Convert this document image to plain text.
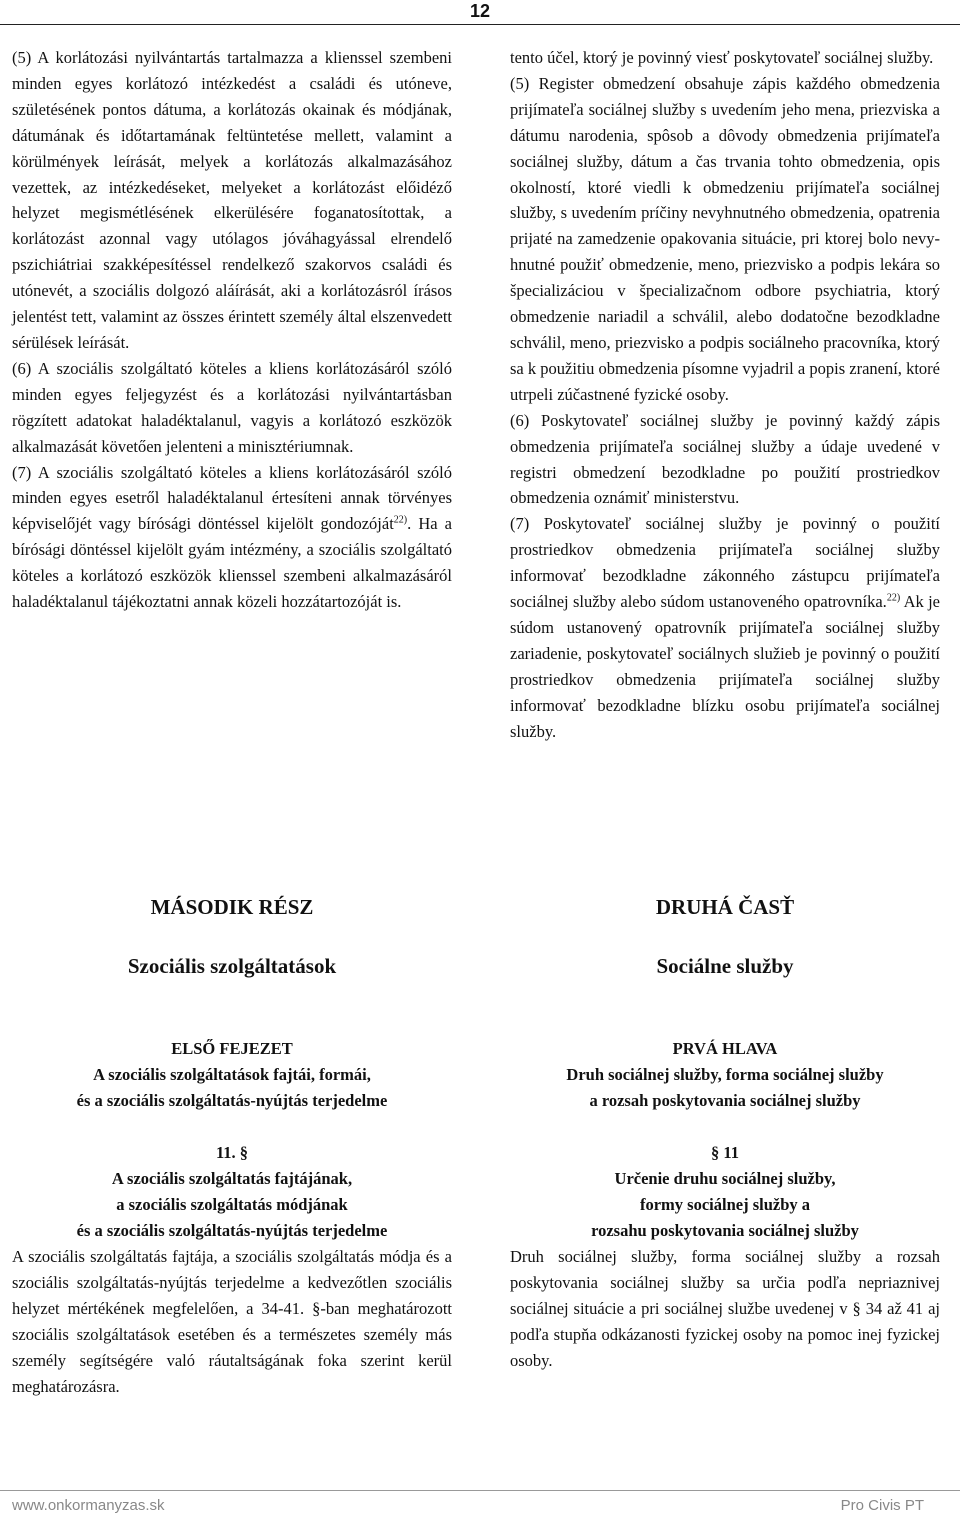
12

(5) A korlátozási nyilvántartás tartalmazza a klienssel szembeni minden egyes korlátozó intézkedést a családi és utóneve, születésének pontos dátuma, a korlátozás okainak és módjának, dátumának és időtartamának feltüntetése mellett, valamint a körülmények leírását, melyek a korlátozás alkalmazásához vezettek, az intézkedéseket, melyeket a korlátozást előidéző helyzet megismétlésének elkerülésére foganatosítottak, a korlátozást azonnal vagy utólagos jóváhagyással elrendelő pszichiátriai szakképesítéssel rendelkező szakorvos családi és utónevét, a szociális dolgozó aláírását, aki a korlátozásról írásos jelentést tett, valamint az összes érintett személy által elszenvedett sérülések leírását.

(6) A szociális szolgáltató köteles a kliens korlátozásáról szóló minden egyes feljegyzést és a korlátozási nyilvántartásban rögzített adatokat haladéktalanul, vagyis a korlátozó eszközök alkalmazását követően jelenteni a minisztériumnak.

(7) A szociális szolgáltató köteles a kliens korlátozásáról szóló minden egyes esetről haladéktalanul értesíteni annak törvényes képviselőjét vagy bírósági döntéssel kijelölt gondozóját$^{22)}$. Ha a bírósági döntéssel kijelölt gyám intézmény, a szociális szolgáltató köteles a korlátozó eszközök klienssel szembeni alkalmazásáról haladéktalanul tájékoztatni annak közeli hozzátartozóját is.

tento účel, ktorý je povinný viesť poskytovateľ sociálnej služby.

(5) Register obmedzení obsahuje zápis každého obmedzenia prijímateľa sociálnej služby s uvedením jeho mena, priezviska a dátumu narodenia, spôsob a dôvody obmedzenia prijímateľa sociálnej služby, dátum a čas trvania tohto obmedzenia, opis okolností, ktoré viedli k obmedzeniu prijímateľa sociálnej služby, s uvedením príčiny nevyhnutného obmedzenia, opatrenia prijaté na zamedzenie opakovania situácie, pri ktorej bolo nevyhnutné použiť obmedzenie, meno, priezvisko a podpis lekára so špecializáciou v špecializačnom odbore psychiatria, ktorý obmedzenie nariadil a schválil, alebo dodatočne bezodkladne schválil, meno, priezvisko a podpis sociálneho pracovníka, ktorý sa k použitiu obmedzenia písomne vyjadril a popis zranení, ktoré utrpeli zúčastnené fyzické osoby.

(6) Poskytovateľ sociálnej služby je povinný každý zápis obmedzenia prijímateľa sociálnej služby a údaje uvedené v registri obmedzení bezodkladne po použití prostriedkov obmedzenia oznámiť ministerstvu.

(7) Poskytovateľ sociálnej služby je povinný o použití prostriedkov obmedzenia prijímateľa sociálnej služby informovať bezodkladne zákonného zástupcu prijímateľa sociálnej služby alebo súdom ustanoveného opatrovníka.$^{22)}$ Ak je súdom ustanovený opatrovník prijímateľa sociálnej služby zariadenie, poskytovateľ sociálnych služieb je povinný o použití prostriedkov obmedzenia prijímateľa sociálnej služby informovať bezodkladne blízku osobu prijímateľa sociálnej služby.

MÁSODIK RÉSZ	DRUHÁ ČASŤ
Szociális szolgáltatások	Sociálne služby
ELSŐ FEJEZET
A szociális szolgáltatások fajtái, formái,
és a szociális szolgáltatás-nyújtás terjedelme
PRVÁ HLAVA
Druh sociálnej služby, forma sociálnej služby
a rozsah poskytovania sociálnej služby
11. §
A szociális szolgáltatás fajtájának,
a szociális szolgáltatás módjának
és a szociális szolgáltatás-nyújtás terjedelme
§ 11
Určenie druhu sociálnej služby,
formy sociálnej služby a
rozsahu poskytovania sociálnej služby
A szociális szolgáltatás fajtája, a szociális szolgáltatás módja és a szociális szolgáltatás-nyújtás terjedelme a kedvezőtlen szociális helyzet mértékének megfelelően, a 34-41. §-ban meghatározott szociális szolgáltatások esetében és a természetes személy más személy segítségére való ráutaltságának foka szerint kerül meghatározásra.
Druh sociálnej služby, forma sociálnej služby a rozsah poskytovania sociálnej služby sa určia podľa nepriaznivej sociálnej situácie a pri sociálnej službe uvedenej v § 34 až 41 aj podľa stupňa odkázanosti fyzickej osoby na pomoc inej fyzickej osoby.
www.onkormanyzas.sk	Pro Civis PT
